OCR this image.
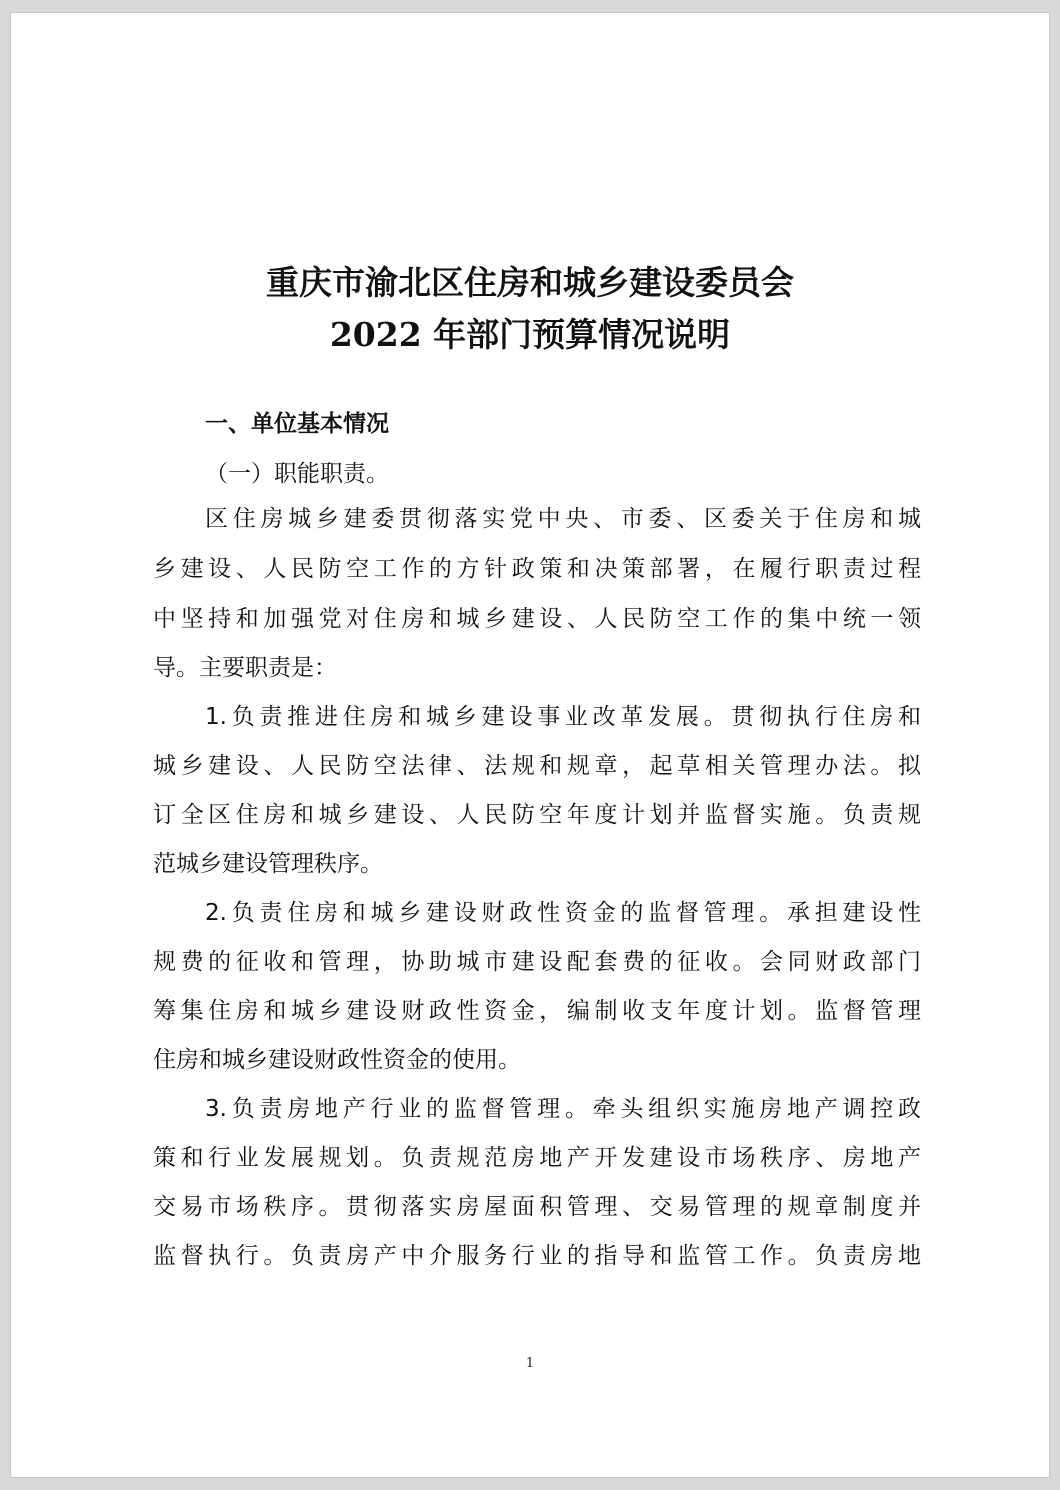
重庆市渝北区住房和城乡建设委员会
2022 年部门预算情况说明
一、单位基本情况
（一）职能职责。
区住房城乡建委贯彻落实党中央、市委、区委关于住房和城
乡建设、人民防空工作的方针政策和决策部署，在履行职责过程
中坚持和加强党对住房和城乡建设、人民防空工作的集中统一领
导。主要职责是：
1.负责推进住房和城乡建设事业改革发展。贯彻执行住房和
城乡建设、人民防空法律、法规和规章，起草相关管理办法。拟
订全区住房和城乡建设、人民防空年度计划并监督实施。负责规
范城乡建设管理秩序。
2.负责住房和城乡建设财政性资金的监督管理。承担建设性
规费的征收和管理，协助城市建设配套费的征收。会同财政部门
筹集住房和城乡建设财政性资金，编制收支年度计划。监督管理
住房和城乡建设财政性资金的使用。
3.负责房地产行业的监督管理。牵头组织实施房地产调控政
策和行业发展规划。负责规范房地产开发建设市场秩序、房地产
交易市场秩序。贯彻落实房屋面积管理、交易管理的规章制度并
监督执行。负责房产中介服务行业的指导和监管工作。负责房地
1
